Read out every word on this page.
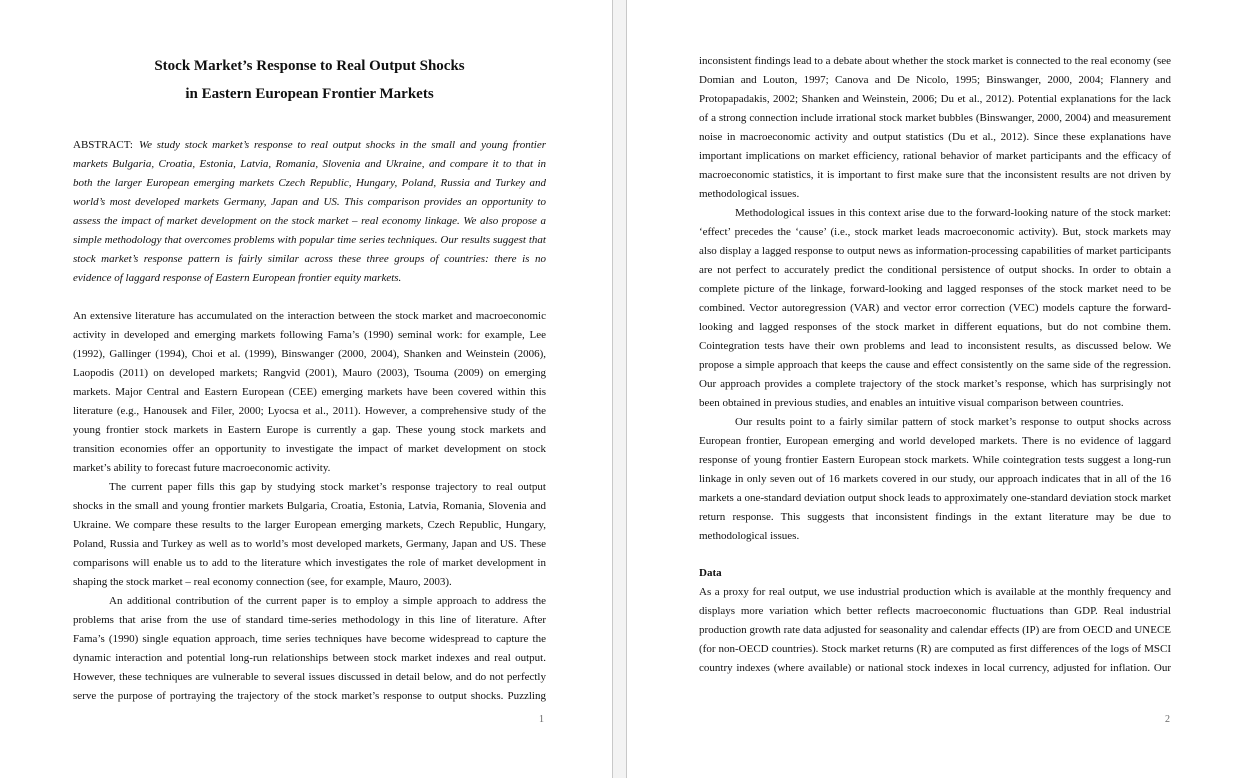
Stock Market’s Response to Real Output Shocks
in Eastern European Frontier Markets
ABSTRACT: We study stock market’s response to real output shocks in the small and young frontier
markets Bulgaria, Croatia, Estonia, Latvia, Romania, Slovenia and Ukraine, and compare it to that in
both the larger European emerging markets Czech Republic, Hungary, Poland, Russia and Turkey and
world’s most developed markets Germany, Japan and US. This comparison provides an opportunity to
assess the impact of market development on the stock market – real economy linkage. We also propose a
simple methodology that overcomes problems with popular time series techniques. Our results suggest that
stock market’s response pattern is fairly similar across these three groups of countries: there is no
evidence of laggard response of Eastern European frontier equity markets.
An extensive literature has accumulated on the interaction between the stock market and macroeconomic
activity in developed and emerging markets following Fama’s (1990) seminal work: for example, Lee
(1992), Gallinger (1994), Choi et al. (1999), Binswanger (2000, 2004), Shanken and Weinstein (2006),
Laopodis (2011) on developed markets; Rangvid (2001), Mauro (2003), Tsouma (2009) on emerging
markets. Major Central and Eastern European (CEE) emerging markets have been covered within this
literature (e.g., Hanousek and Filer, 2000; Lyocsa et al., 2011). However, a comprehensive study of the
young frontier stock markets in Eastern Europe is currently a gap. These young stock markets and
transition economies offer an opportunity to investigate the impact of market development on stock
market’s ability to forecast future macroeconomic activity.
The current paper fills this gap by studying stock market’s response trajectory to real output
shocks in the small and young frontier markets Bulgaria, Croatia, Estonia, Latvia, Romania, Slovenia and
Ukraine. We compare these results to the larger European emerging markets, Czech Republic, Hungary,
Poland, Russia and Turkey as well as to world’s most developed markets, Germany, Japan and US. These
comparisons will enable us to add to the literature which investigates the role of market development in
shaping the stock market – real economy connection (see, for example, Mauro, 2003).
An additional contribution of the current paper is to employ a simple approach to address the
problems that arise from the use of standard time-series methodology in this line of literature. After
Fama’s (1990) single equation approach, time series techniques have become widespread to capture the
dynamic interaction and potential long-run relationships between stock market indexes and real output.
However, these techniques are vulnerable to several issues discussed in detail below, and do not perfectly
serve the purpose of portraying the trajectory of the stock market’s response to output shocks. Puzzling
1
inconsistent findings lead to a debate about whether the stock market is connected to the real economy (see
Domian and Louton, 1997; Canova and De Nicolo, 1995; Binswanger, 2000, 2004; Flannery and
Protopapadakis, 2002; Shanken and Weinstein, 2006; Du et al., 2012). Potential explanations for the lack
of a strong connection include irrational stock market bubbles (Binswanger, 2000, 2004) and measurement
noise in macroeconomic activity and output statistics (Du et al., 2012). Since these explanations have
important implications on market efficiency, rational behavior of market participants and the efficacy of
macroeconomic statistics, it is important to first make sure that the inconsistent results are not driven by
methodological issues.
Methodological issues in this context arise due to the forward-looking nature of the stock market:
‘effect’ precedes the ‘cause’ (i.e., stock market leads macroeconomic activity). But, stock markets may
also display a lagged response to output news as information-processing capabilities of market participants
are not perfect to accurately predict the conditional persistence of output shocks. In order to obtain a
complete picture of the linkage, forward-looking and lagged responses of the stock market need to be
combined. Vector autoregression (VAR) and vector error correction (VEC) models capture the forward-
looking and lagged responses of the stock market in different equations, but do not combine them.
Cointegration tests have their own problems and lead to inconsistent results, as discussed below. We
propose a simple approach that keeps the cause and effect consistently on the same side of the regression.
Our approach provides a complete trajectory of the stock market’s response, which has surprisingly not
been obtained in previous studies, and enables an intuitive visual comparison between countries.
Our results point to a fairly similar pattern of stock market’s response to output shocks across
European frontier, European emerging and world developed markets. There is no evidence of laggard
response of young frontier Eastern European stock markets. While cointegration tests suggest a long-run
linkage in only seven out of 16 markets covered in our study, our approach indicates that in all of the 16
markets a one-standard deviation output shock leads to approximately one-standard deviation stock market
return response. This suggests that inconsistent findings in the extant literature may be due to
methodological issues.
Data
As a proxy for real output, we use industrial production which is available at the monthly frequency and
displays more variation which better reflects macroeconomic fluctuations than GDP. Real industrial
production growth rate data adjusted for seasonality and calendar effects (IP) are from OECD and UNECE
(for non-OECD countries). Stock market returns (R) are computed as first differences of the logs of MSCI
country indexes (where available) or national stock indexes in local currency, adjusted for inflation. Our
2
